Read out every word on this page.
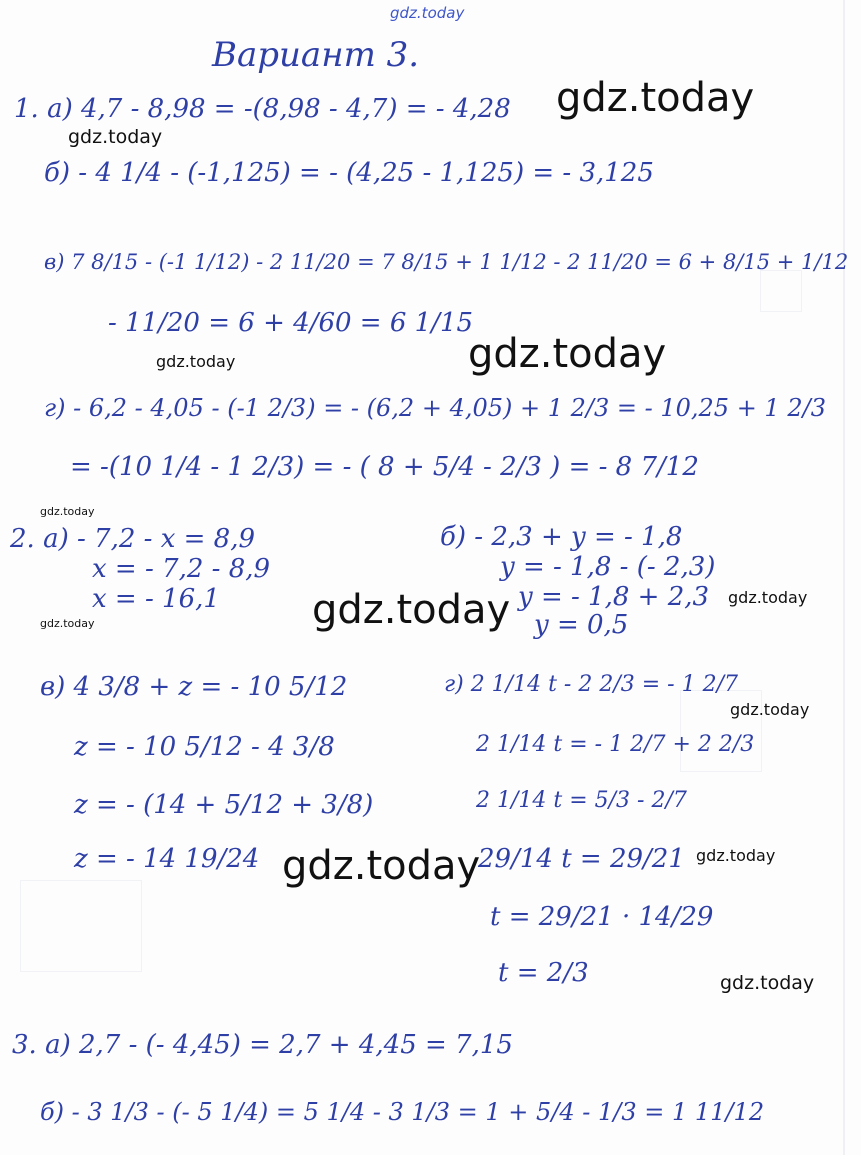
gdz.today
Вариант 3.
1. а) 4,7 - 8,98 = -(8,98 - 4,7) = - 4,28
б) - 4 1/4 - (-1,125) = - (4,25 - 1,125) = - 3,125
в) 7 8/15 - (-1 1/12) - 2 11/20 = 7 8/15 + 1 1/12 - 2 11/20 = 6 + 8/15 + 1/12
- 11/20 = 6 + 4/60 = 6 1/15
г) - 6,2 - 4,05 - (-1 2/3) = - (6,2 + 4,05) + 1 2/3 = - 10,25 + 1 2/3
= -(10 1/4 - 1 2/3) = - ( 8 + 5/4 - 2/3 ) = - 8 7/12
2. а) - 7,2 - x = 8,9
x = - 7,2 - 8,9
x = - 16,1
б) - 2,3 + y = - 1,8
y = - 1,8 - (- 2,3)
y = - 1,8 + 2,3
y = 0,5
в) 4 3/8 + z = - 10 5/12
z = - 10 5/12 - 4 3/8
z = - (14 + 5/12 + 3/8)
z = - 14 19/24
г) 2 1/14 t - 2 2/3 = - 1 2/7
2 1/14 t = - 1 2/7 + 2 2/3
2 1/14 t = 5/3 - 2/7
29/14 t = 29/21
t = 29/21 · 14/29
t = 2/3
3. а) 2,7 - (- 4,45) = 2,7 + 4,45 = 7,15
б) - 3 1/3 - (- 5 1/4) = 5 1/4 - 3 1/3 = 1 + 5/4 - 1/3 = 1 11/12
gdz.today
gdz.today
gdz.today
gdz.today
gdz.today
gdz.today	gdz.today
gdz.today
gdz.today
gdz.today
gdz.today
gdz.today
